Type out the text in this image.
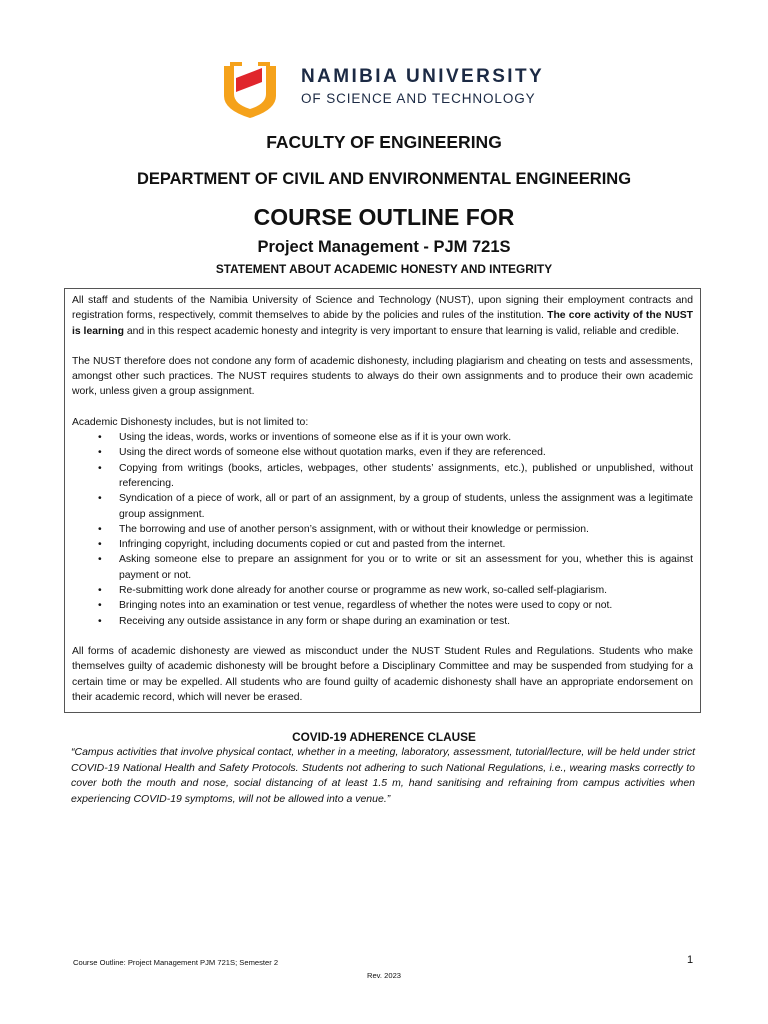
NAMIBIA UNIVERSITY
OF SCIENCE AND TECHNOLOGY
FACULTY OF ENGINEERING
DEPARTMENT OF CIVIL AND ENVIRONMENTAL ENGINEERING
COURSE OUTLINE FOR
Project Management - PJM 721S
STATEMENT ABOUT ACADEMIC HONESTY AND INTEGRITY

All staff and students of the Namibia University of Science and Technology (NUST), upon signing their employment contracts and registration forms, respectively, commit themselves to abide by the policies and rules of the institution. The core activity of the NUST is learning and in this respect academic honesty and integrity is very important to ensure that learning is valid, reliable and credible.

The NUST therefore does not condone any form of academic dishonesty, including plagiarism and cheating on tests and assessments, amongst other such practices. The NUST requires students to always do their own assignments and to produce their own academic work, unless given a group assignment.

Academic Dishonesty includes, but is not limited to:

• Using the ideas, words, works or inventions of someone else as if it is your own work.
• Using the direct words of someone else without quotation marks, even if they are referenced.
• Copying from writings (books, articles, webpages, other students’ assignments, etc.), published or unpublished, without referencing.
• Syndication of a piece of work, all or part of an assignment, by a group of students, unless the assignment was a legitimate group assignment.
• The borrowing and use of another person’s assignment, with or without their knowledge or permission.
• Infringing copyright, including documents copied or cut and pasted from the internet.
• Asking someone else to prepare an assignment for you or to write or sit an assessment for you, whether this is against payment or not.
• Re-submitting work done already for another course or programme as new work, so-called self-plagiarism.
• Bringing notes into an examination or test venue, regardless of whether the notes were used to copy or not.
• Receiving any outside assistance in any form or shape during an examination or test.

All forms of academic dishonesty are viewed as misconduct under the NUST Student Rules and Regulations. Students who make themselves guilty of academic dishonesty will be brought before a Disciplinary Committee and may be suspended from studying for a certain time or may be expelled. All students who are found guilty of academic dishonesty shall have an appropriate endorsement on their academic record, which will never be erased.

COVID-19 ADHERENCE CLAUSE
“Campus activities that involve physical contact, whether in a meeting, laboratory, assessment, tutorial/lecture, will be held under strict COVID-19 National Health and Safety Protocols. Students not adhering to such National Regulations, i.e., wearing masks correctly to cover both the mouth and nose, social distancing of at least 1.5 m, hand sanitising and refraining from campus activities when experiencing COVID-19 symptoms, will not be allowed into a venue.”
Course Outline: Project Management PJM 721S; Semester 2	1
Rev. 2023
